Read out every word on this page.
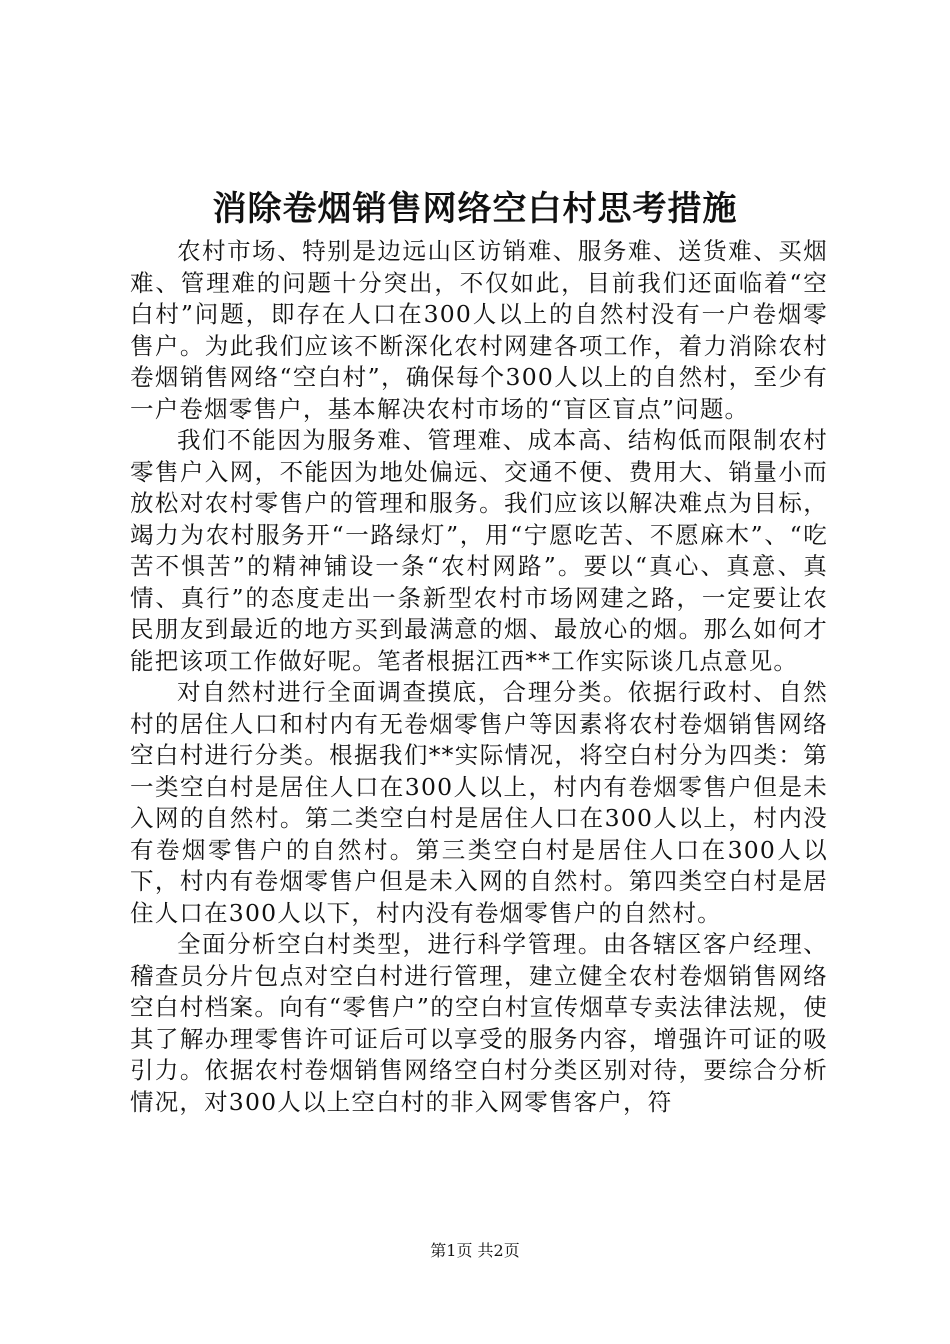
消除卷烟销售网络空白村思考措施

农村市场、特别是边远山区访销难、服务难、送货难、买烟难、管理难的问题十分突出，不仅如此，目前我们还面临着“空白村”问题，即存在人口在300人以上的自然村没有一户卷烟零售户。为此我们应该不断深化农村网建各项工作，着力消除农村卷烟销售网络“空白村”，确保每个300人以上的自然村，至少有一户卷烟零售户，基本解决农村市场的“盲区盲点”问题。

我们不能因为服务难、管理难、成本高、结构低而限制农村零售户入网，不能因为地处偏远、交通不便、费用大、销量小而放松对农村零售户的管理和服务。我们应该以解决难点为目标，竭力为农村服务开“一路绿灯”，用“宁愿吃苦、不愿麻木”、“吃苦不惧苦”的精神铺设一条“农村网路”。要以“真心、真意、真情、真行”的态度走出一条新型农村市场网建之路，一定要让农民朋友到最近的地方买到最满意的烟、最放心的烟。那么如何才能把该项工作做好呢。笔者根据江西**工作实际谈几点意见。

对自然村进行全面调查摸底，合理分类。依据行政村、自然村的居住人口和村内有无卷烟零售户等因素将农村卷烟销售网络空白村进行分类。根据我们**实际情况，将空白村分为四类：第一类空白村是居住人口在300人以上，村内有卷烟零售户但是未入网的自然村。第二类空白村是居住人口在300人以上，村内没有卷烟零售户的自然村。第三类空白村是居住人口在300人以下，村内有卷烟零售户但是未入网的自然村。第四类空白村是居住人口在300人以下，村内没有卷烟零售户的自然村。

全面分析空白村类型，进行科学管理。由各辖区客户经理、稽查员分片包点对空白村进行管理，建立健全农村卷烟销售网络空白村档案。向有“零售户”的空白村宣传烟草专卖法律法规，使其了解办理零售许可证后可以享受的服务内容，增强许可证的吸引力。依据农村卷烟销售网络空白村分类区别对待，要综合分析情况，对300人以上空白村的非入网零售客户，符

第1页 共2页
